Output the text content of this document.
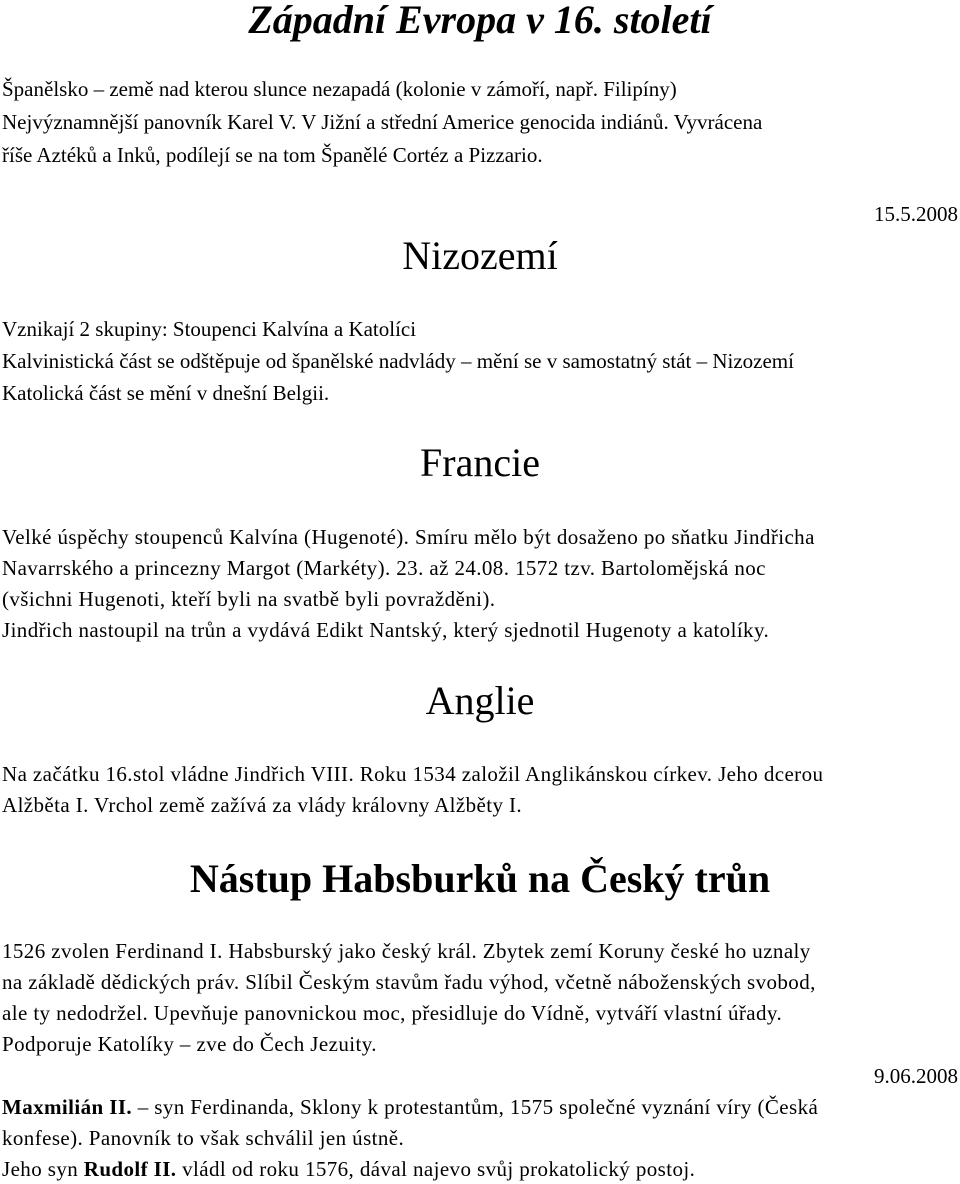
Západní Evropa v 16. století
Španělsko – země nad kterou slunce nezapadá (kolonie v zámoří, např. Filipíny)
Nejvýznamnější panovník Karel V. V Jižní a střední Americe genocida indiánů. Vyvrácena
říše Aztéků a Inků, podílejí se na tom Španělé Cortéz a Pizzario.
15.5.2008
Nizozemí
Vznikají 2 skupiny: Stoupenci Kalvína a Katolíci
Kalvinistická část se odštěpuje od španělské nadvlády – mění se v samostatný stát – Nizozemí
Katolická část se mění v dnešní Belgii.
Francie
Velké úspěchy stoupenců Kalvína (Hugenoté). Smíru mělo být dosaženo po sňatku Jindřicha
Navarrského a princezny Margot (Markéty). 23. až 24.08. 1572 tzv. Bartolomějská noc
(všichni Hugenoti, kteří byli na svatbě byli povražděni).
Jindřich nastoupil na trůn a vydává Edikt Nantský, který sjednotil Hugenoty a katolíky.
Anglie
Na začátku 16.stol vládne Jindřich VIII. Roku 1534 založil Anglikánskou církev. Jeho dcerou
Alžběta I. Vrchol země zažívá za vlády královny Alžběty I.
Nástup Habsburků na Český trůn
1526 zvolen Ferdinand I. Habsburský jako český král. Zbytek zemí Koruny české ho uznaly
na základě dědických práv. Slíbil Českým stavům řadu výhod, včetně náboženských svobod,
ale ty nedodržel. Upevňuje panovnickou moc, přesidluje do Vídně, vytváří vlastní úřady.
Podporuje Katolíky – zve do Čech Jezuity.
9.06.2008
Maxmilián II. – syn Ferdinanda, Sklony k protestantům, 1575 společné vyznání víry (Česká
konfese). Panovník to však schválil jen ústně.
Jeho syn Rudolf II. vládl od roku 1576, dával najevo svůj prokatolický postoj.
